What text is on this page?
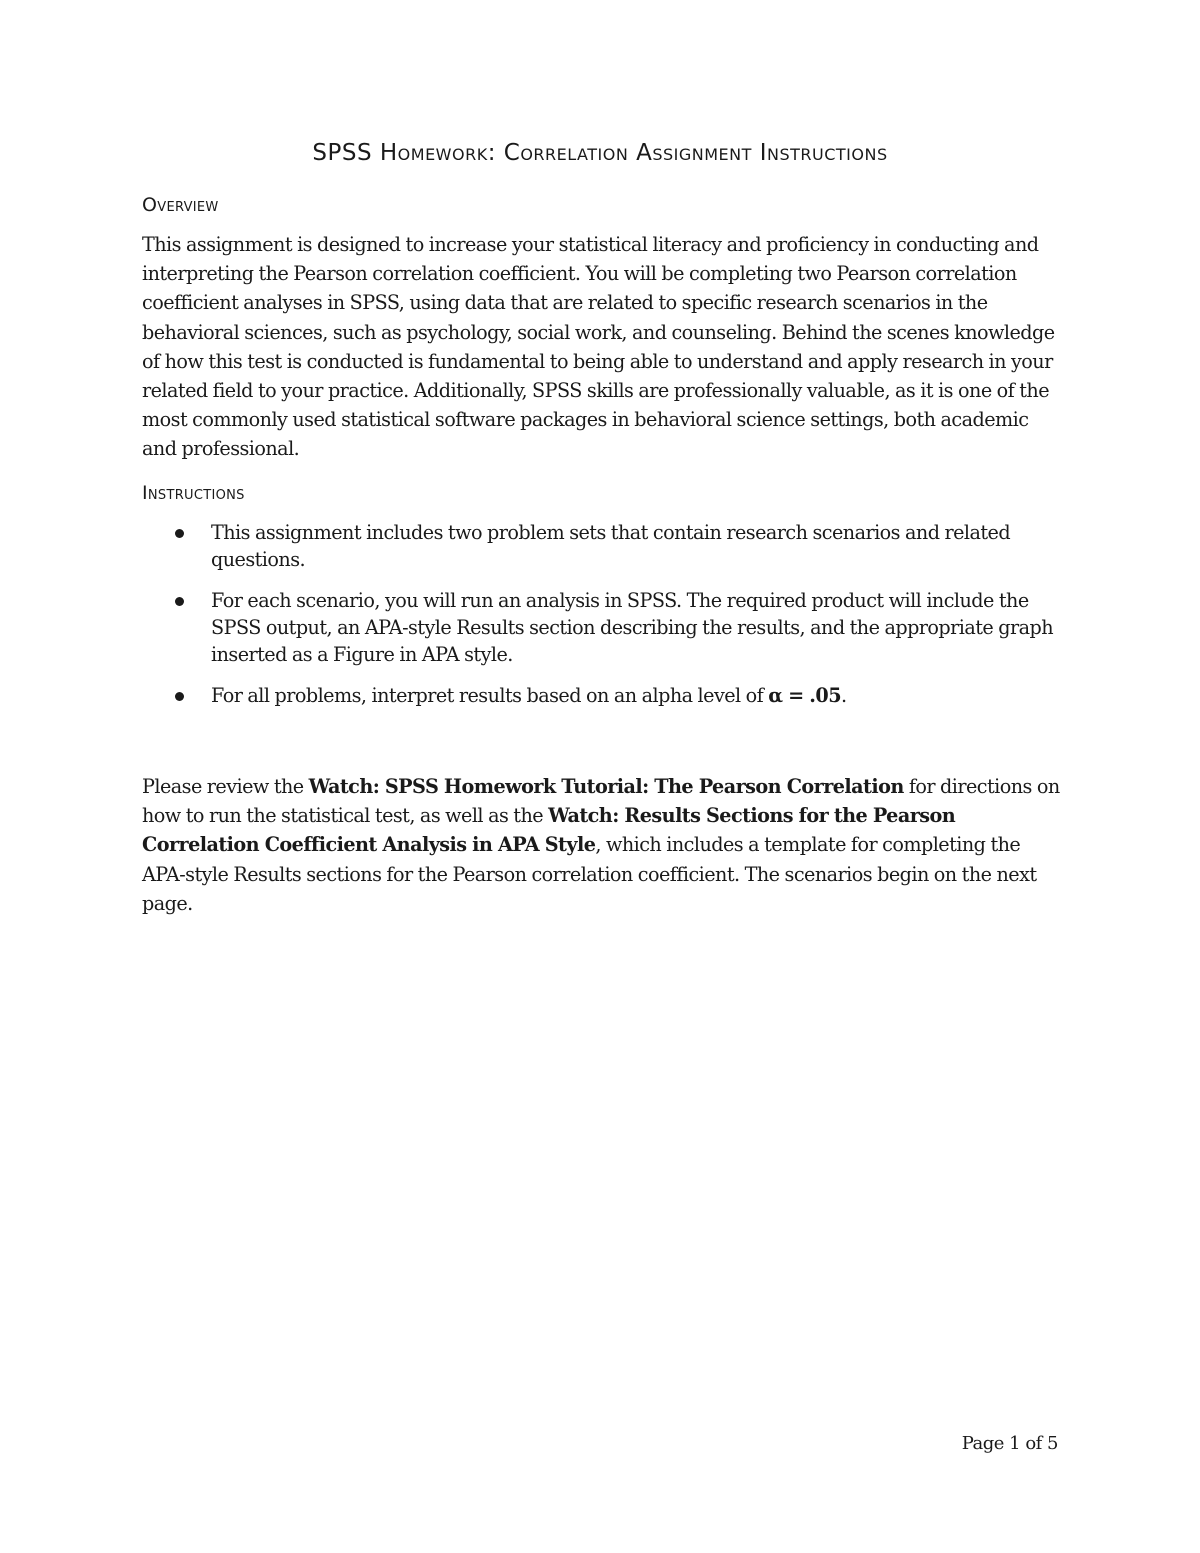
SPSS Homework: Correlation Assignment Instructions
Overview
This assignment is designed to increase your statistical literacy and proficiency in conducting and interpreting the Pearson correlation coefficient. You will be completing two Pearson correlation coefficient analyses in SPSS, using data that are related to specific research scenarios in the behavioral sciences, such as psychology, social work, and counseling. Behind the scenes knowledge of how this test is conducted is fundamental to being able to understand and apply research in your related field to your practice. Additionally, SPSS skills are professionally valuable, as it is one of the most commonly used statistical software packages in behavioral science settings, both academic and professional.
Instructions
This assignment includes two problem sets that contain research scenarios and related questions.
For each scenario, you will run an analysis in SPSS. The required product will include the SPSS output, an APA-style Results section describing the results, and the appropriate graph inserted as a Figure in APA style.
For all problems, interpret results based on an alpha level of α = .05.
Please review the Watch: SPSS Homework Tutorial: The Pearson Correlation for directions on how to run the statistical test, as well as the Watch: Results Sections for the Pearson Correlation Coefficient Analysis in APA Style, which includes a template for completing the APA-style Results sections for the Pearson correlation coefficient. The scenarios begin on the next page.
Page 1 of 5
